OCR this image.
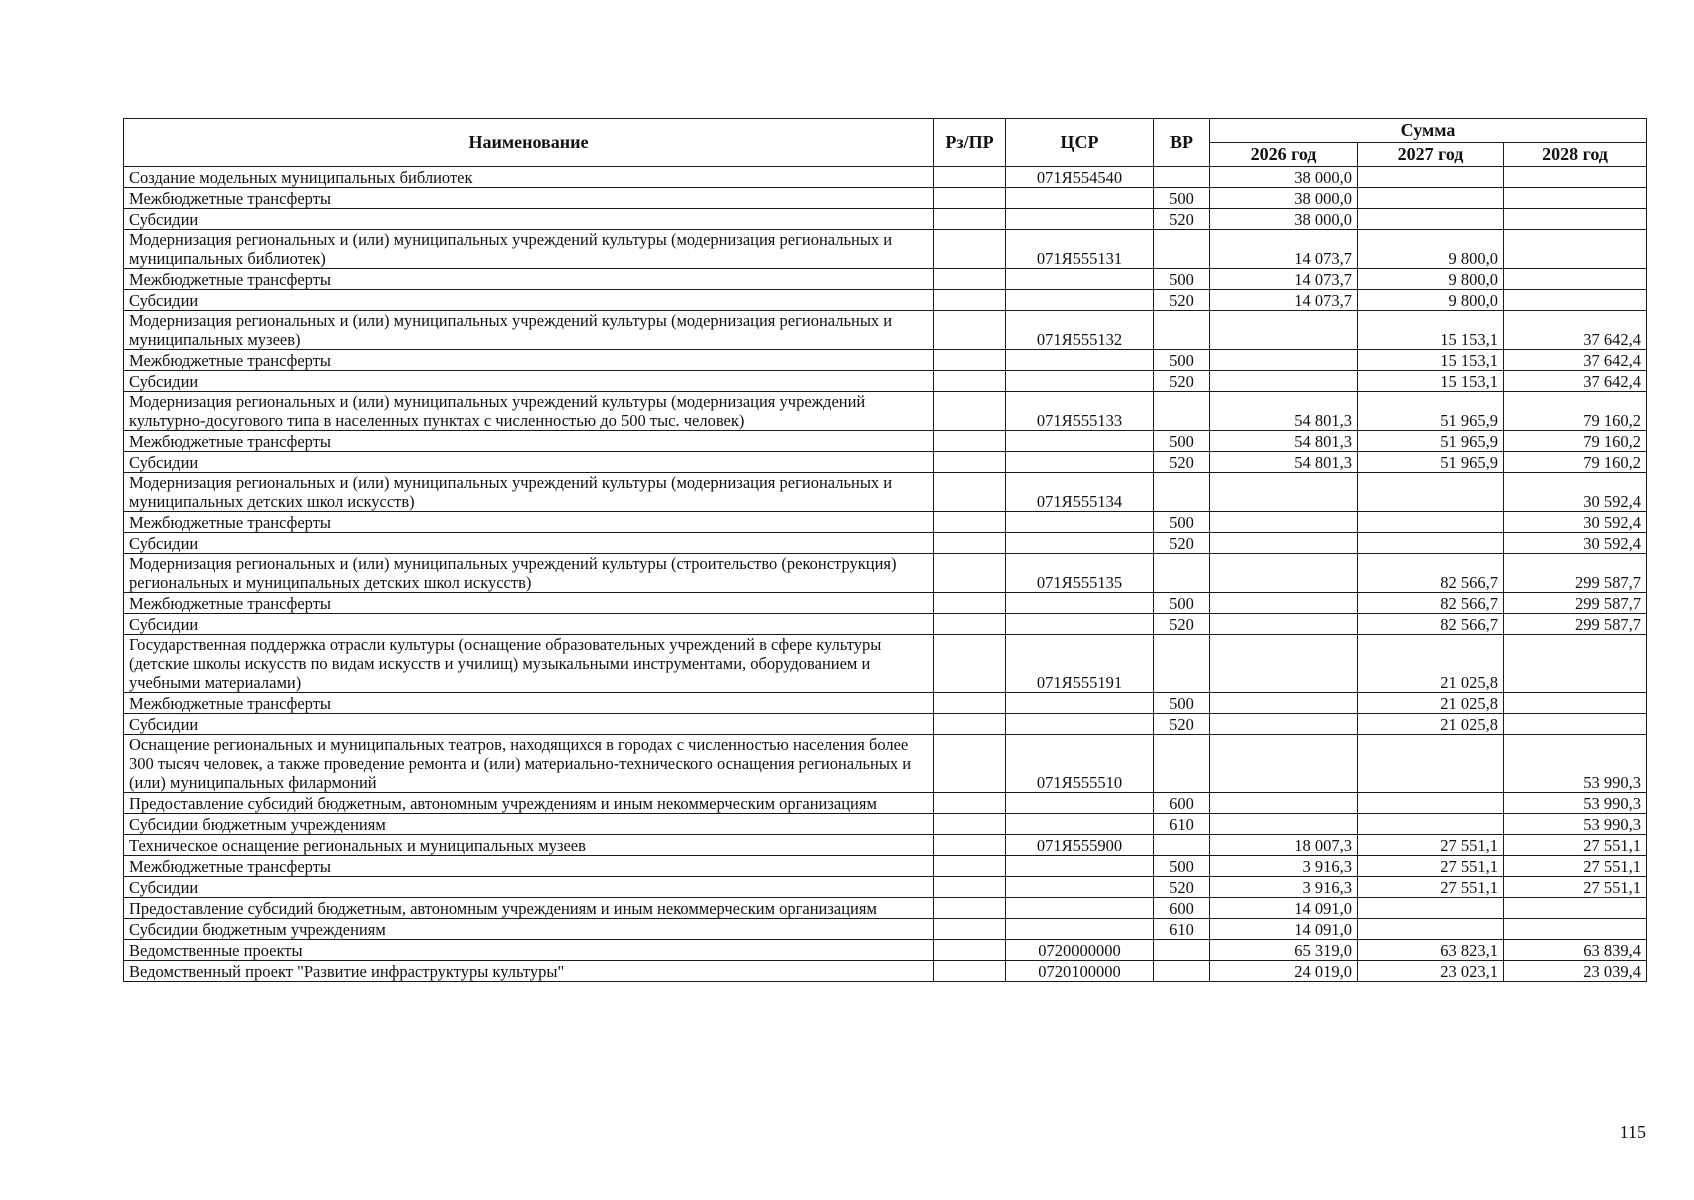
Наименование	Рз/ПР	ЦСР	ВР	Сумма		
				2026 год	2027 год	2028 год
Создание модельных муниципальных библиотек		071Я554540		38 000,0		
Межбюджетные трансферты			500	38 000,0		
Субсидии			520	38 000,0		
Модернизация региональных и (или) муниципальных учреждений культуры (модернизация региональных и муниципальных библиотек)		071Я555131		14 073,7	9 800,0	
Межбюджетные трансферты			500	14 073,7	9 800,0	
Субсидии			520	14 073,7	9 800,0	
Модернизация региональных и (или) муниципальных учреждений культуры (модернизация региональных и муниципальных музеев)		071Я555132			15 153,1	37 642,4
Межбюджетные трансферты			500		15 153,1	37 642,4
Субсидии			520		15 153,1	37 642,4
Модернизация региональных и (или) муниципальных учреждений культуры (модернизация учреждений культурно-досугового типа в населенных пунктах с численностью до 500 тыс. человек)		071Я555133		54 801,3	51 965,9	79 160,2
Межбюджетные трансферты			500	54 801,3	51 965,9	79 160,2
Субсидии			520	54 801,3	51 965,9	79 160,2
Модернизация региональных и (или) муниципальных учреждений культуры (модернизация региональных и муниципальных детских школ искусств)		071Я555134				30 592,4
Межбюджетные трансферты			500			30 592,4
Субсидии			520			30 592,4
Модернизация региональных и (или) муниципальных учреждений культуры (строительство (реконструкция) региональных и муниципальных детских школ искусств)		071Я555135			82 566,7	299 587,7
Межбюджетные трансферты			500		82 566,7	299 587,7
Субсидии			520		82 566,7	299 587,7
Государственная поддержка отрасли культуры (оснащение образовательных учреждений в сфере культуры (детские школы искусств по видам искусств и училищ) музыкальными инструментами, оборудованием и учебными материалами)		071Я555191			21 025,8	
Межбюджетные трансферты			500		21 025,8	
Субсидии			520		21 025,8	
Оснащение региональных и муниципальных театров, находящихся в городах с численностью населения более 300 тысяч человек, а также проведение ремонта и (или) материально-технического оснащения региональных и (или) муниципальных филармоний		071Я555510				53 990,3
Предоставление субсидий бюджетным, автономным учреждениям и иным некоммерческим организациям			600			53 990,3
Субсидии бюджетным учреждениям			610			53 990,3
Техническое оснащение региональных и муниципальных музеев		071Я555900		18 007,3	27 551,1	27 551,1
Межбюджетные трансферты			500	3 916,3	27 551,1	27 551,1
Субсидии			520	3 916,3	27 551,1	27 551,1
Предоставление субсидий бюджетным, автономным учреждениям и иным некоммерческим организациям			600	14 091,0		
Субсидии бюджетным учреждениям			610	14 091,0		
Ведомственные проекты		0720000000		65 319,0	63 823,1	63 839,4
Ведомственный проект "Развитие инфраструктуры культуры"		0720100000		24 019,0	23 023,1	23 039,4
115
